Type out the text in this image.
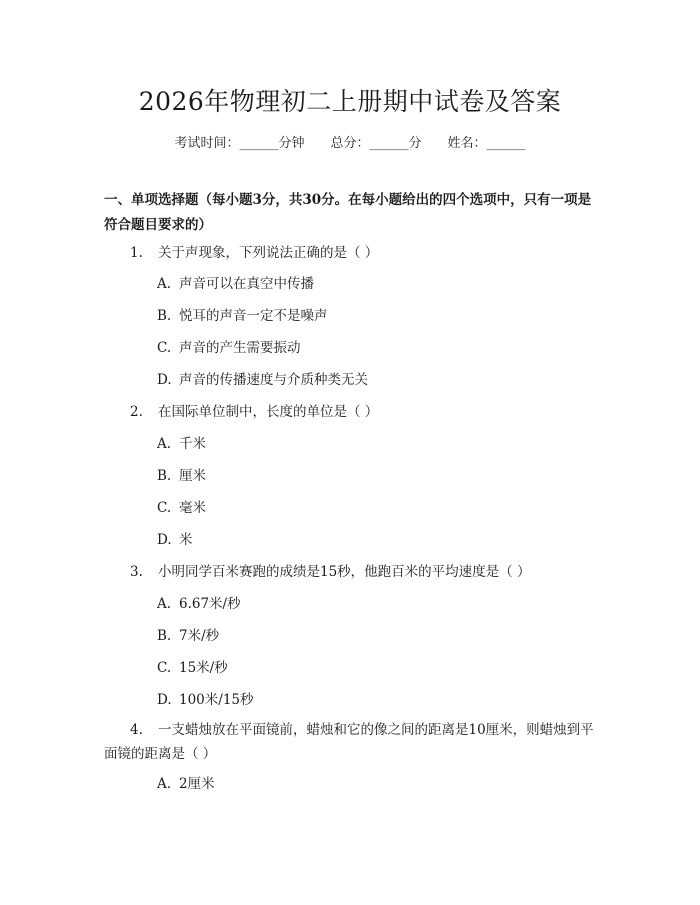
2026年物理初二上册期中试卷及答案
考试时间：______分钟 总分：______分 姓名：______
一、单项选择题（每小题3分，共30分。在每小题给出的四个选项中，只有一项是符合题目要求的）
1. 关于声现象，下列说法正确的是（ ）
A. 声音可以在真空中传播
B. 悦耳的声音一定不是噪声
C. 声音的产生需要振动
D. 声音的传播速度与介质种类无关
2. 在国际单位制中，长度的单位是（ ）
A. 千米
B. 厘米
C. 毫米
D. 米
3. 小明同学百米赛跑的成绩是15秒，他跑百米的平均速度是（ ）
A. 6.67米/秒
B. 7米/秒
C. 15米/秒
D. 100米/15秒
4. 一支蜡烛放在平面镜前，蜡烛和它的像之间的距离是10厘米，则蜡烛到平面镜的距离是（ ）
A. 2厘米
